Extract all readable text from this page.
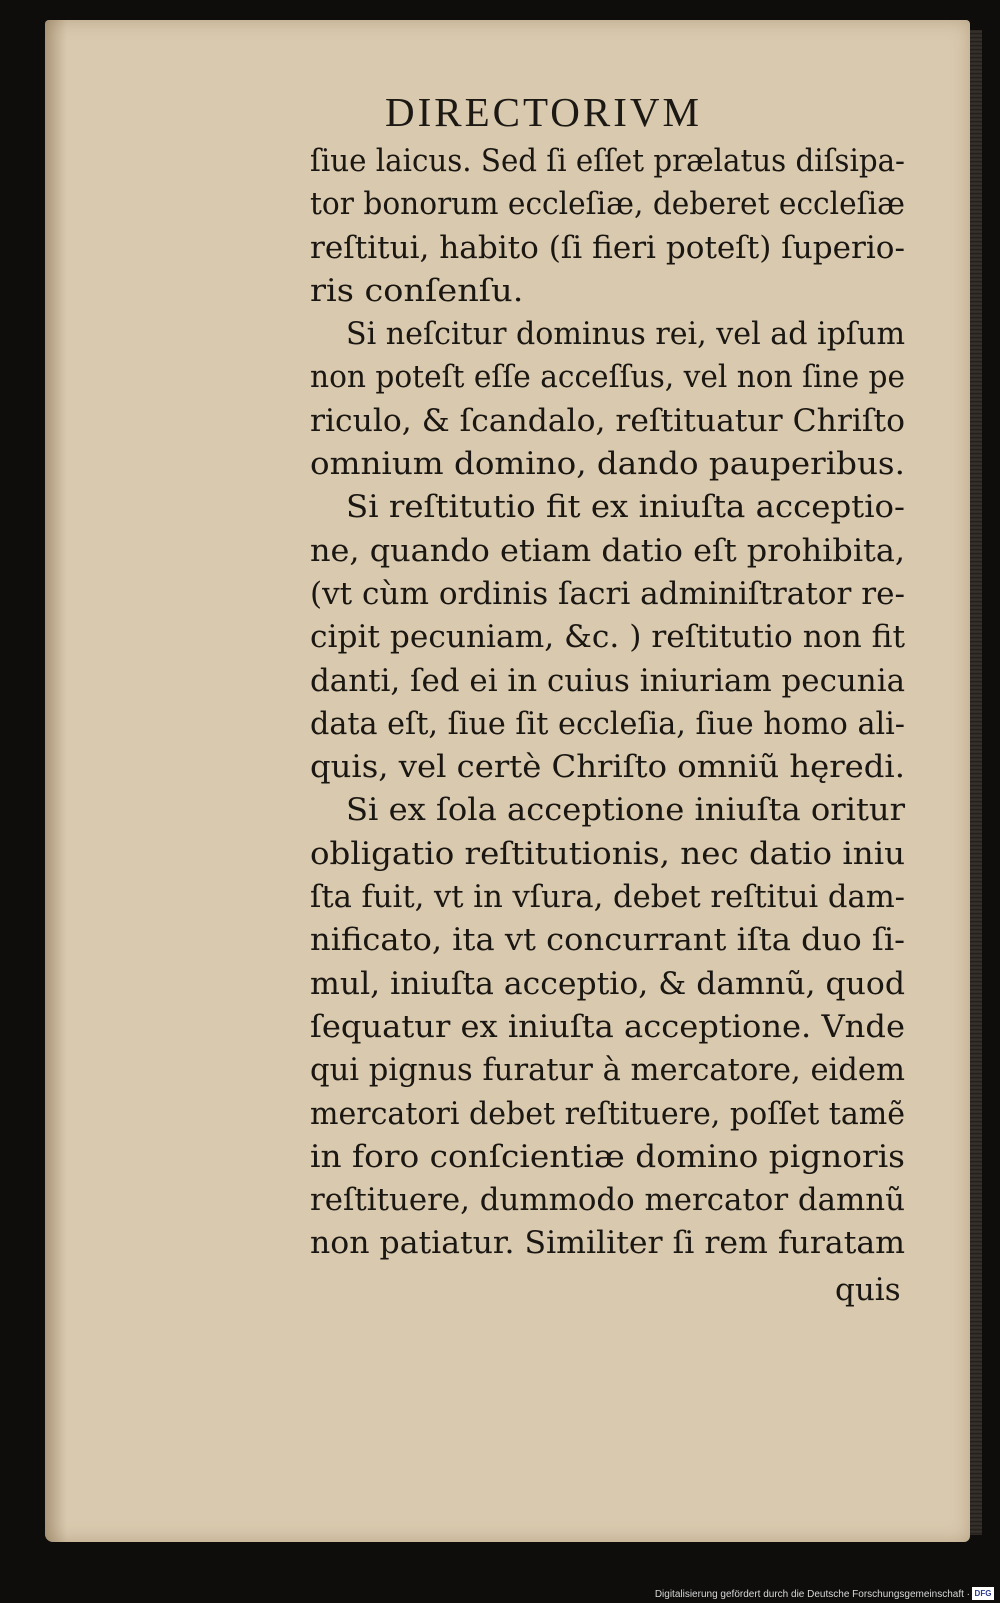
DIRECTORIVM
ſiue laicus. Sed ſi eſſet prælatus diſsipa-
tor bonorum eccleſiæ, deberet eccleſiæ
reſtitui, habito (ſi fieri poteſt) ſuperio-
ris conſenſu.
Si neſcitur dominus rei, vel ad ipſum
non poteſt eſſe acceſſus, vel non ſine pe
riculo, & ſcandalo, reſtituatur Chriſto
omnium domino, dando pauperibus.
Si reſtitutio fit ex iniuſta acceptio-
ne, quando etiam datio eſt prohibita,
(vt cùm ordinis ſacri adminiſtrator re-
cipit pecuniam, &c. ) reſtitutio non fit
danti, ſed ei in cuius iniuriam pecunia
data eſt, ſiue ſit eccleſia, ſiue homo ali-
quis, vel certè Chriſto omniũ hęredi.
Si ex ſola acceptione iniuſta oritur
obligatio reſtitutionis, nec datio iniu
ſta fuit, vt in vſura, debet reſtitui dam-
nificato, ita vt concurrant iſta duo ſi-
mul, iniuſta acceptio, & damnũ, quod
ſequatur ex iniuſta acceptione. Vnde
qui pignus furatur à mercatore, eidem
mercatori debet reſtituere, poſſet tamẽ
in foro conſcientiæ domino pignoris
reſtituere, dummodo mercator damnũ
non patiatur. Similiter ſi rem furatam
quis
Digitalisierung gefördert durch die Deutsche Forschungsgemeinschaft · DFG
